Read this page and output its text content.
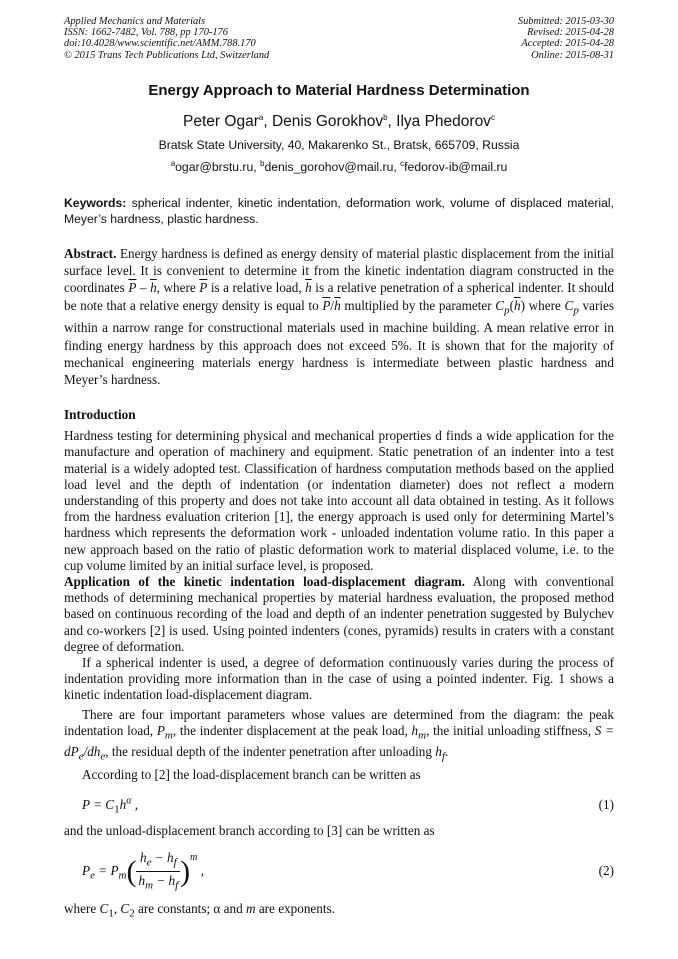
Applied Mechanics and Materials
ISSN: 1662-7482, Vol. 788, pp 170-176
doi:10.4028/www.scientific.net/AMM.788.170
© 2015 Trans Tech Publications Ltd, Switzerland
Submitted: 2015-03-30
Revised: 2015-04-28
Accepted: 2015-04-28
Online: 2015-08-31
Energy Approach to Material Hardness Determination
Peter Ogar$^a$, Denis Gorokhov$^b$, Ilya Phedorov$^c$
Bratsk State University, 40, Makarenko St., Bratsk, 665709, Russia
$^a$ogar@brstu.ru, $^b$denis_gorohov@mail.ru, $^c$fedorov-ib@mail.ru
Keywords: spherical indenter, kinetic indentation, deformation work, volume of displaced material, Meyer’s hardness, plastic hardness.
Abstract. Energy hardness is defined as energy density of material plastic displacement from the initial surface level. It is convenient to determine it from the kinetic indentation diagram constructed in the coordinates $\overline{P} - \overline{h}$, where $\overline{P}$ is a relative load, $\overline{h}$ is a relative penetration of a spherical indenter. It should be note that a relative energy density is equal to $\overline{P}/\overline{h}$ multiplied by the parameter $C_p(\overline{h})$ where $C_p$ varies within a narrow range for constructional materials used in machine building. A mean relative error in finding energy hardness by this approach does not exceed 5%. It is shown that for the majority of mechanical engineering materials energy hardness is intermediate between plastic hardness and Meyer’s hardness.
Introduction
Hardness testing for determining physical and mechanical properties d finds a wide application for the manufacture and operation of machinery and equipment. Static penetration of an indenter into a test material is a widely adopted test. Classification of hardness computation methods based on the applied load level and the depth of indentation (or indentation diameter) does not reflect a modern understanding of this property and does not take into account all data obtained in testing. As it follows from the hardness evaluation criterion [1], the energy approach is used only for determining Martel’s hardness which represents the deformation work - unloaded indentation volume ratio. In this paper a new approach based on the ratio of plastic deformation work to material displaced volume, i.e. to the cup volume limited by an initial surface level, is proposed.
Application of the kinetic indentation load-displacement diagram. Along with conventional methods of determining mechanical properties by material hardness evaluation, the proposed method based on continuous recording of the load and depth of an indenter penetration suggested by Bulychev and co-workers [2] is used. Using pointed indenters (cones, pyramids) results in craters with a constant degree of deformation.
If a spherical indenter is used, a degree of deformation continuously varies during the process of indentation providing more information than in the case of using a pointed indenter. Fig. 1 shows a kinetic indentation load-displacement diagram.
There are four important parameters whose values are determined from the diagram: the peak indentation load, $P_m$, the indenter displacement at the peak load, $h_m$, the initial unloading stiffness, $S = dP_e/dh_e$, the residual depth of the indenter penetration after unloading $h_f$.
According to [2] the load-displacement branch can be written as
$P = C_1h^\alpha$ ,	(1)
and the unload-displacement branch according to [3] can be written as
$P_e = P_m( \frac{h_e - h_f}{h_m - h_f} )^m$ ,	(2)
where $C_1$, $C_2$ are constants; α and m are exponents.
